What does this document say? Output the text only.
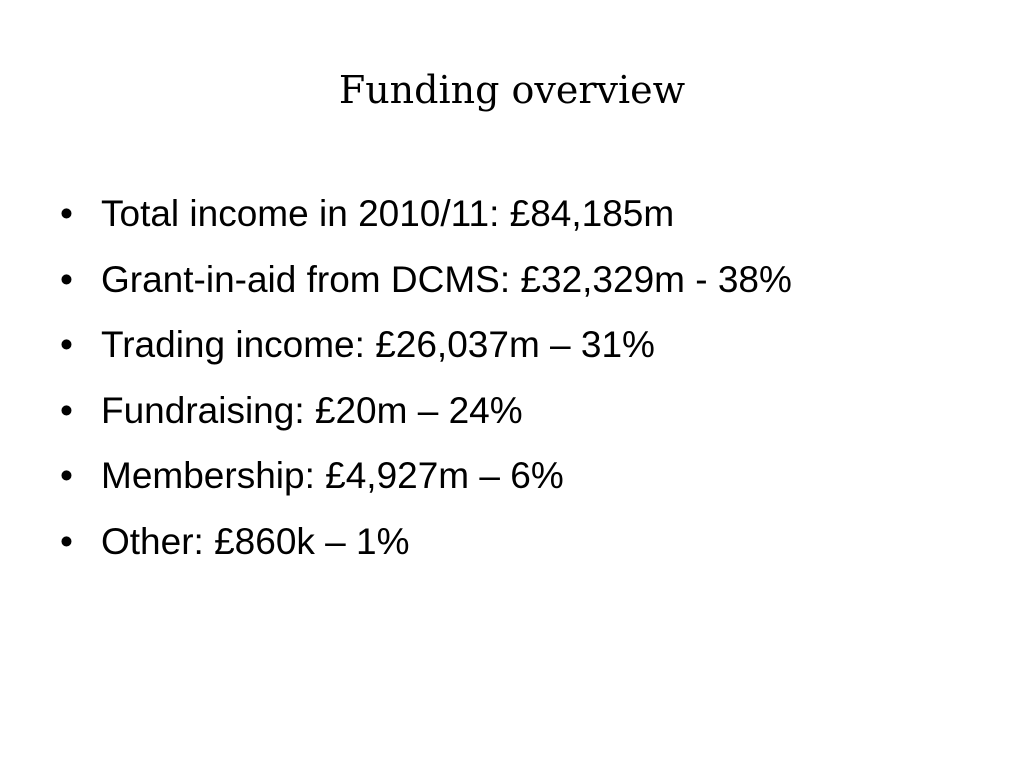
Funding overview
• Total income in 2010/11: £84,185m
• Grant-in-aid from DCMS: £32,329m - 38%
• Trading income: £26,037m – 31%
• Fundraising: £20m – 24%
• Membership: £4,927m – 6%
• Other: £860k – 1%
